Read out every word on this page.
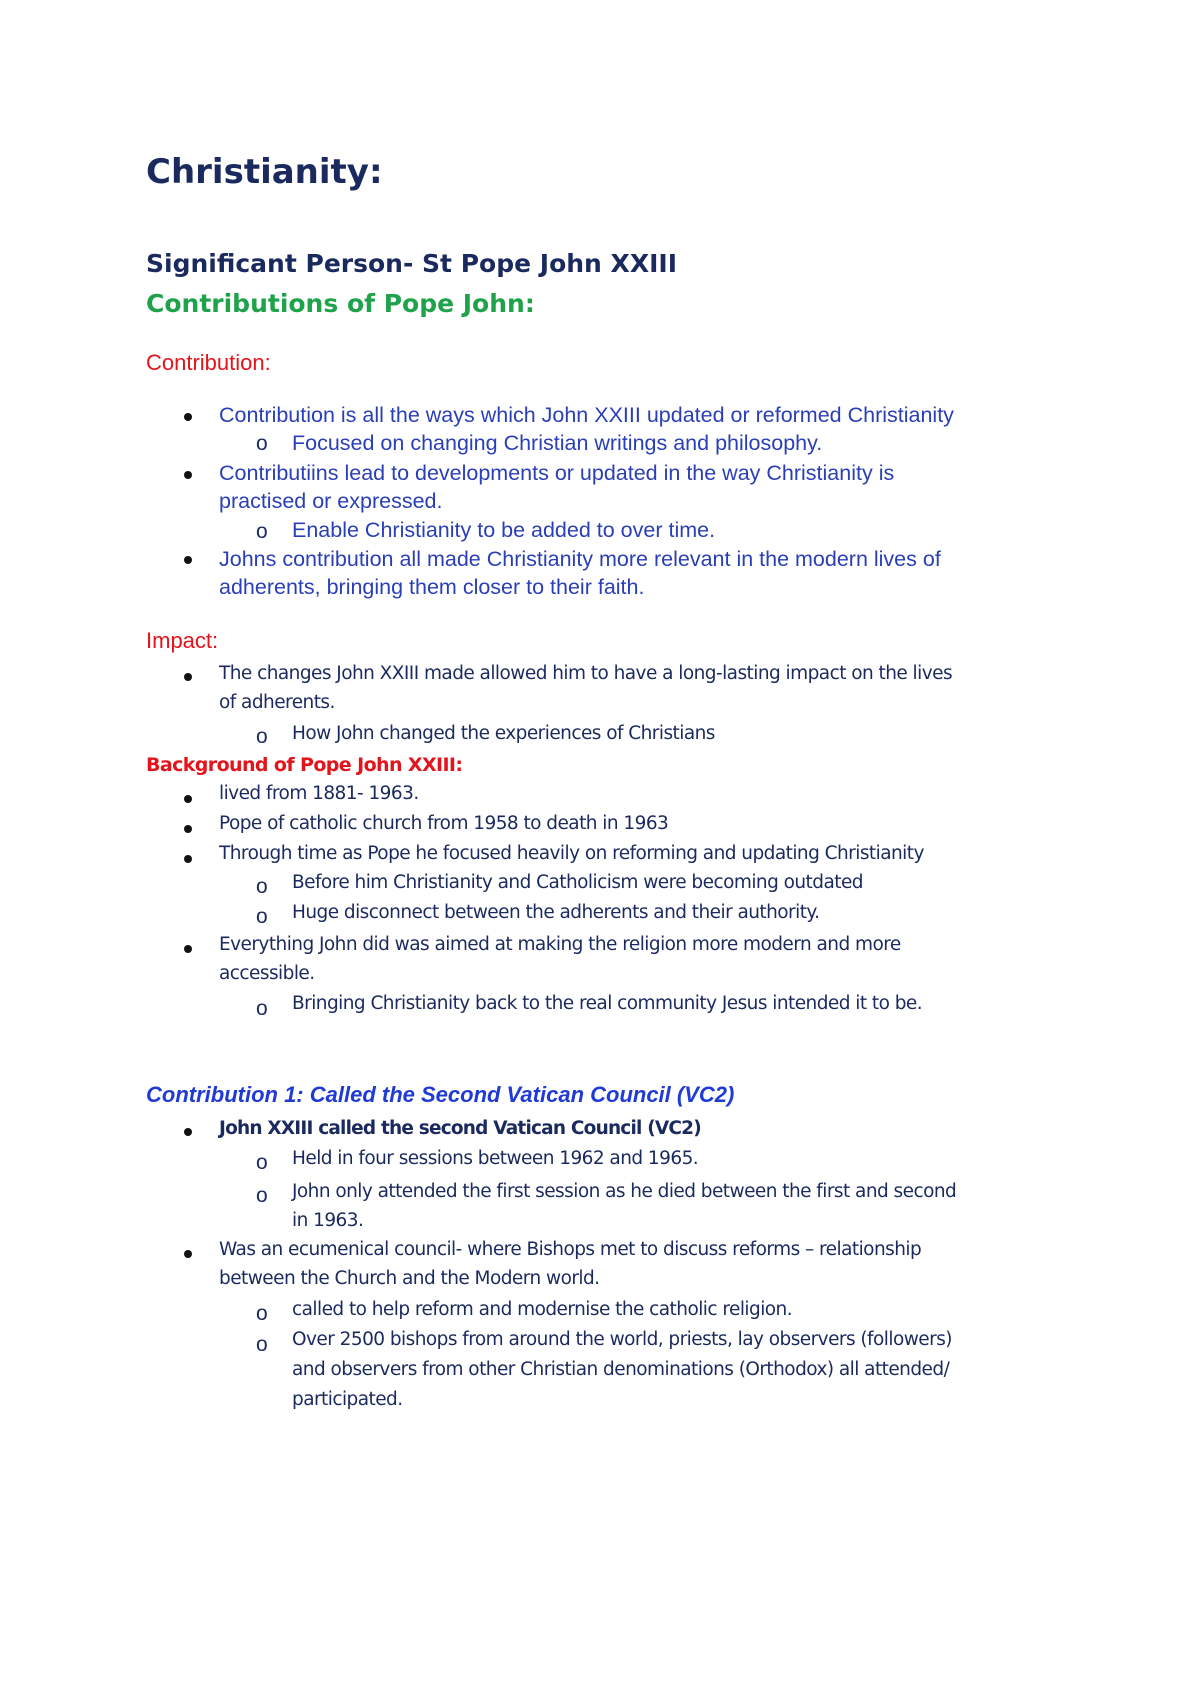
Christianity:
Significant Person- St Pope John XXIII
Contributions of Pope John:
Contribution:
Contribution is all the ways which John XXIII updated or reformed Christianity
o Focused on changing Christian writings and philosophy.
Contributiins lead to developments or updated in the way Christianity is
practised or expressed.
o Enable Christianity to be added to over time.
Johns contribution all made Christianity more relevant in the modern lives of
adherents, bringing them closer to their faith.
Impact:
The changes John XXIII made allowed him to have a long-lasting impact on the lives
of adherents.
o How John changed the experiences of Christians
Background of Pope John XXIII:
lived from 1881- 1963.
Pope of catholic church from 1958 to death in 1963
Through time as Pope he focused heavily on reforming and updating Christianity
o Before him Christianity and Catholicism were becoming outdated
o Huge disconnect between the adherents and their authority.
Everything John did was aimed at making the religion more modern and more
accessible.
o Bringing Christianity back to the real community Jesus intended it to be.
Contribution 1: Called the Second Vatican Council (VC2)
John XXIII called the second Vatican Council (VC2)
o Held in four sessions between 1962 and 1965.
o John only attended the first session as he died between the first and second
in 1963.
Was an ecumenical council- where Bishops met to discuss reforms – relationship
between the Church and the Modern world.
o called to help reform and modernise the catholic religion.
o Over 2500 bishops from around the world, priests, lay observers (followers)
and observers from other Christian denominations (Orthodox) all attended/
participated.
